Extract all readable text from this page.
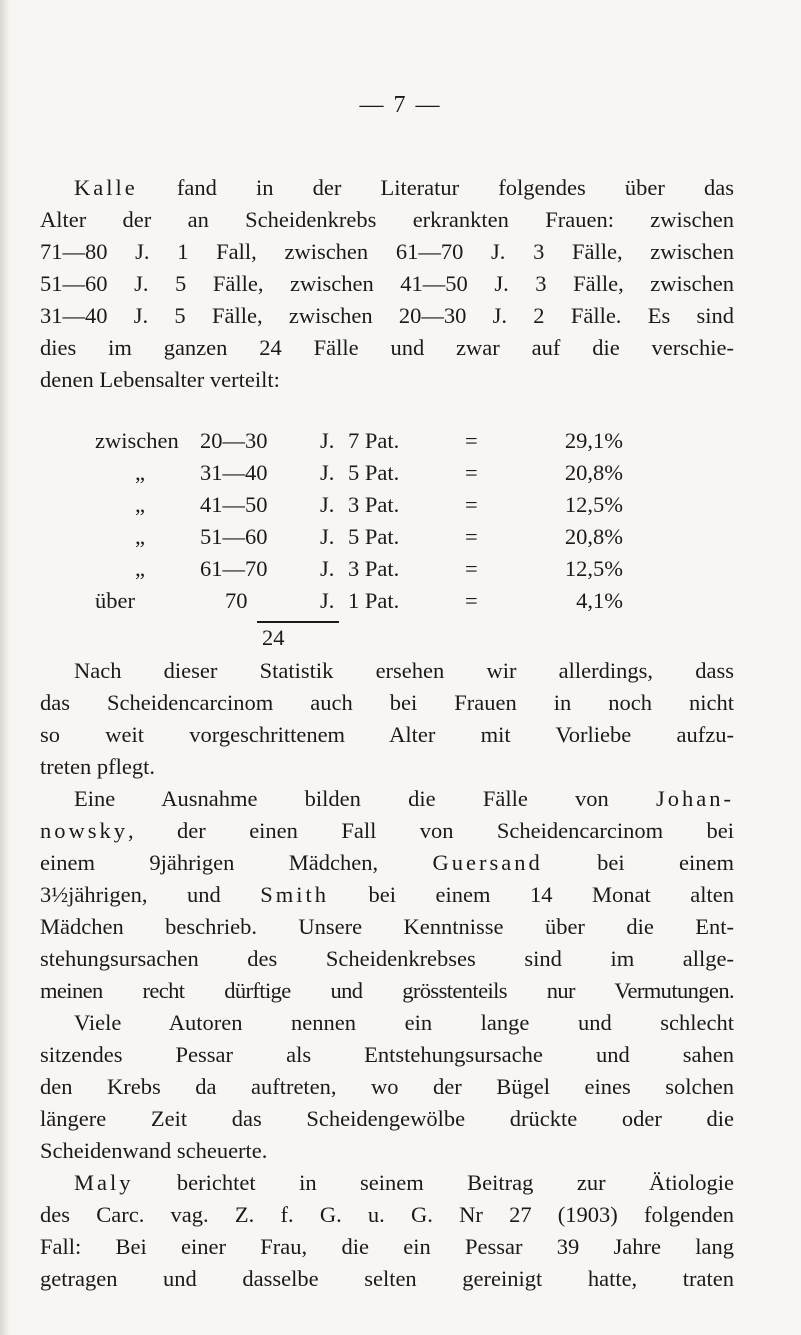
— 7 —
Kalle fand in der Literatur folgendes über das
Alter der an Scheidenkrebs erkrankten Frauen: zwischen
71—80 J. 1 Fall, zwischen 61—70 J. 3 Fälle, zwischen
51—60 J. 5 Fälle, zwischen 41—50 J. 3 Fälle, zwischen
31—40 J. 5 Fälle, zwischen 20—30 J. 2 Fälle. Es sind
dies im ganzen 24 Fälle und zwar auf die verschie-
denen Lebensalter verteilt:
zwischen 20—30 J. 7 Pat.	=	29,1%
„ 31—40 J. 5 Pat.	=	20,8%
„ 41—50 J. 3 Pat.	=	12,5%
„ 51—60 J. 5 Pat.	=	20,8%
„ 61—70 J. 3 Pat.	=	12,5%
über	70	J. 1 Pat.	=	4,1%
24
Nach dieser Statistik ersehen wir allerdings, dass
das Scheidencarcinom auch bei Frauen in noch nicht
so weit vorgeschrittenem Alter mit Vorliebe aufzu-
treten pflegt.
Eine Ausnahme bilden die Fälle von Johan-
nowsky, der einen Fall von Scheidencarcinom bei
einem 9jährigen Mädchen, Guersand bei einem
3½jährigen, und Smith bei einem 14 Monat alten
Mädchen beschrieb. Unsere Kenntnisse über die Ent-
stehungsursachen des Scheidenkrebses sind im allge-
meinen recht dürftige und grösstenteils nur Vermutungen.
Viele Autoren nennen ein lange und schlecht
sitzendes Pessar als Entstehungsursache und sahen
den Krebs da auftreten, wo der Bügel eines solchen
längere Zeit das Scheidengewölbe drückte oder die
Scheidenwand scheuerte.
Maly berichtet in seinem Beitrag zur Ätiologie
des Carc. vag. Z. f. G. u. G. Nr 27 (1903) folgenden
Fall: Bei einer Frau, die ein Pessar 39 Jahre lang
getragen und dasselbe selten gereinigt hatte, traten
